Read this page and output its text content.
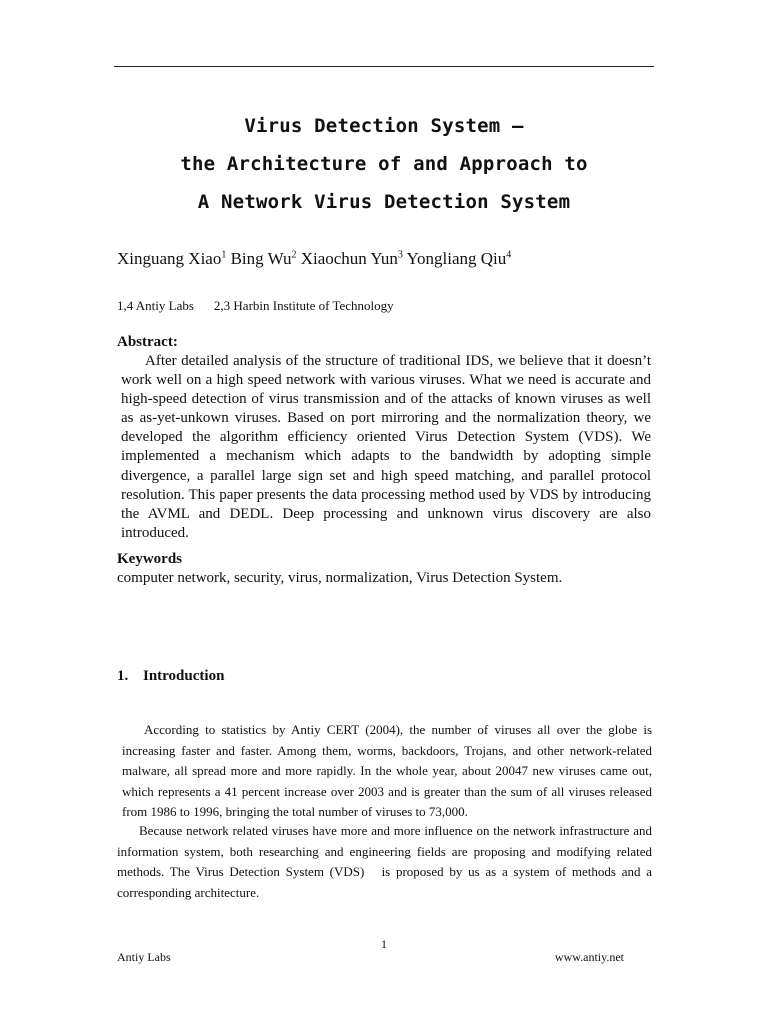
Virus Detection System —
the Architecture of and Approach to
A Network Virus Detection System
Xinguang Xiao$^1$ Bing Wu$^2$ Xiaochun Yun$^3$ Yongliang Qiu$^4$
1,4 Antiy Labs 2,3 Harbin Institute of Technology
Abstract:

After detailed analysis of the structure of traditional IDS, we believe that it doesn’t work well on a high speed network with various viruses. What we need is accurate and high-speed detection of virus transmission and of the attacks of known viruses as well as as-yet-unkown viruses. Based on port mirroring and the normalization theory, we developed the algorithm efficiency oriented Virus Detection System (VDS). We implemented a mechanism which adapts to the bandwidth by adopting simple divergence, a parallel large sign set and high speed matching, and parallel protocol resolution. This paper presents the data processing method used by VDS by introducing the AVML and DEDL. Deep processing and unknown virus discovery are also introduced.

Keywords
computer network, security, virus, normalization, Virus Detection System.
1. Introduction

According to statistics by Antiy CERT (2004), the number of viruses all over the globe is increasing faster and faster. Among them, worms, backdoors, Trojans, and other network-related malware, all spread more and more rapidly. In the whole year, about 20047 new viruses came out, which represents a 41 percent increase over 2003 and is greater than the sum of all viruses released from 1986 to 1996, bringing the total number of viruses to 73,000.

Because network related viruses have more and more influence on the network infrastructure and information system, both researching and engineering fields are proposing and modifying related methods. The Virus Detection System (VDS)   is proposed by us as a system of methods and a corresponding architecture.

1
Antiy Labs	www.antiy.net
